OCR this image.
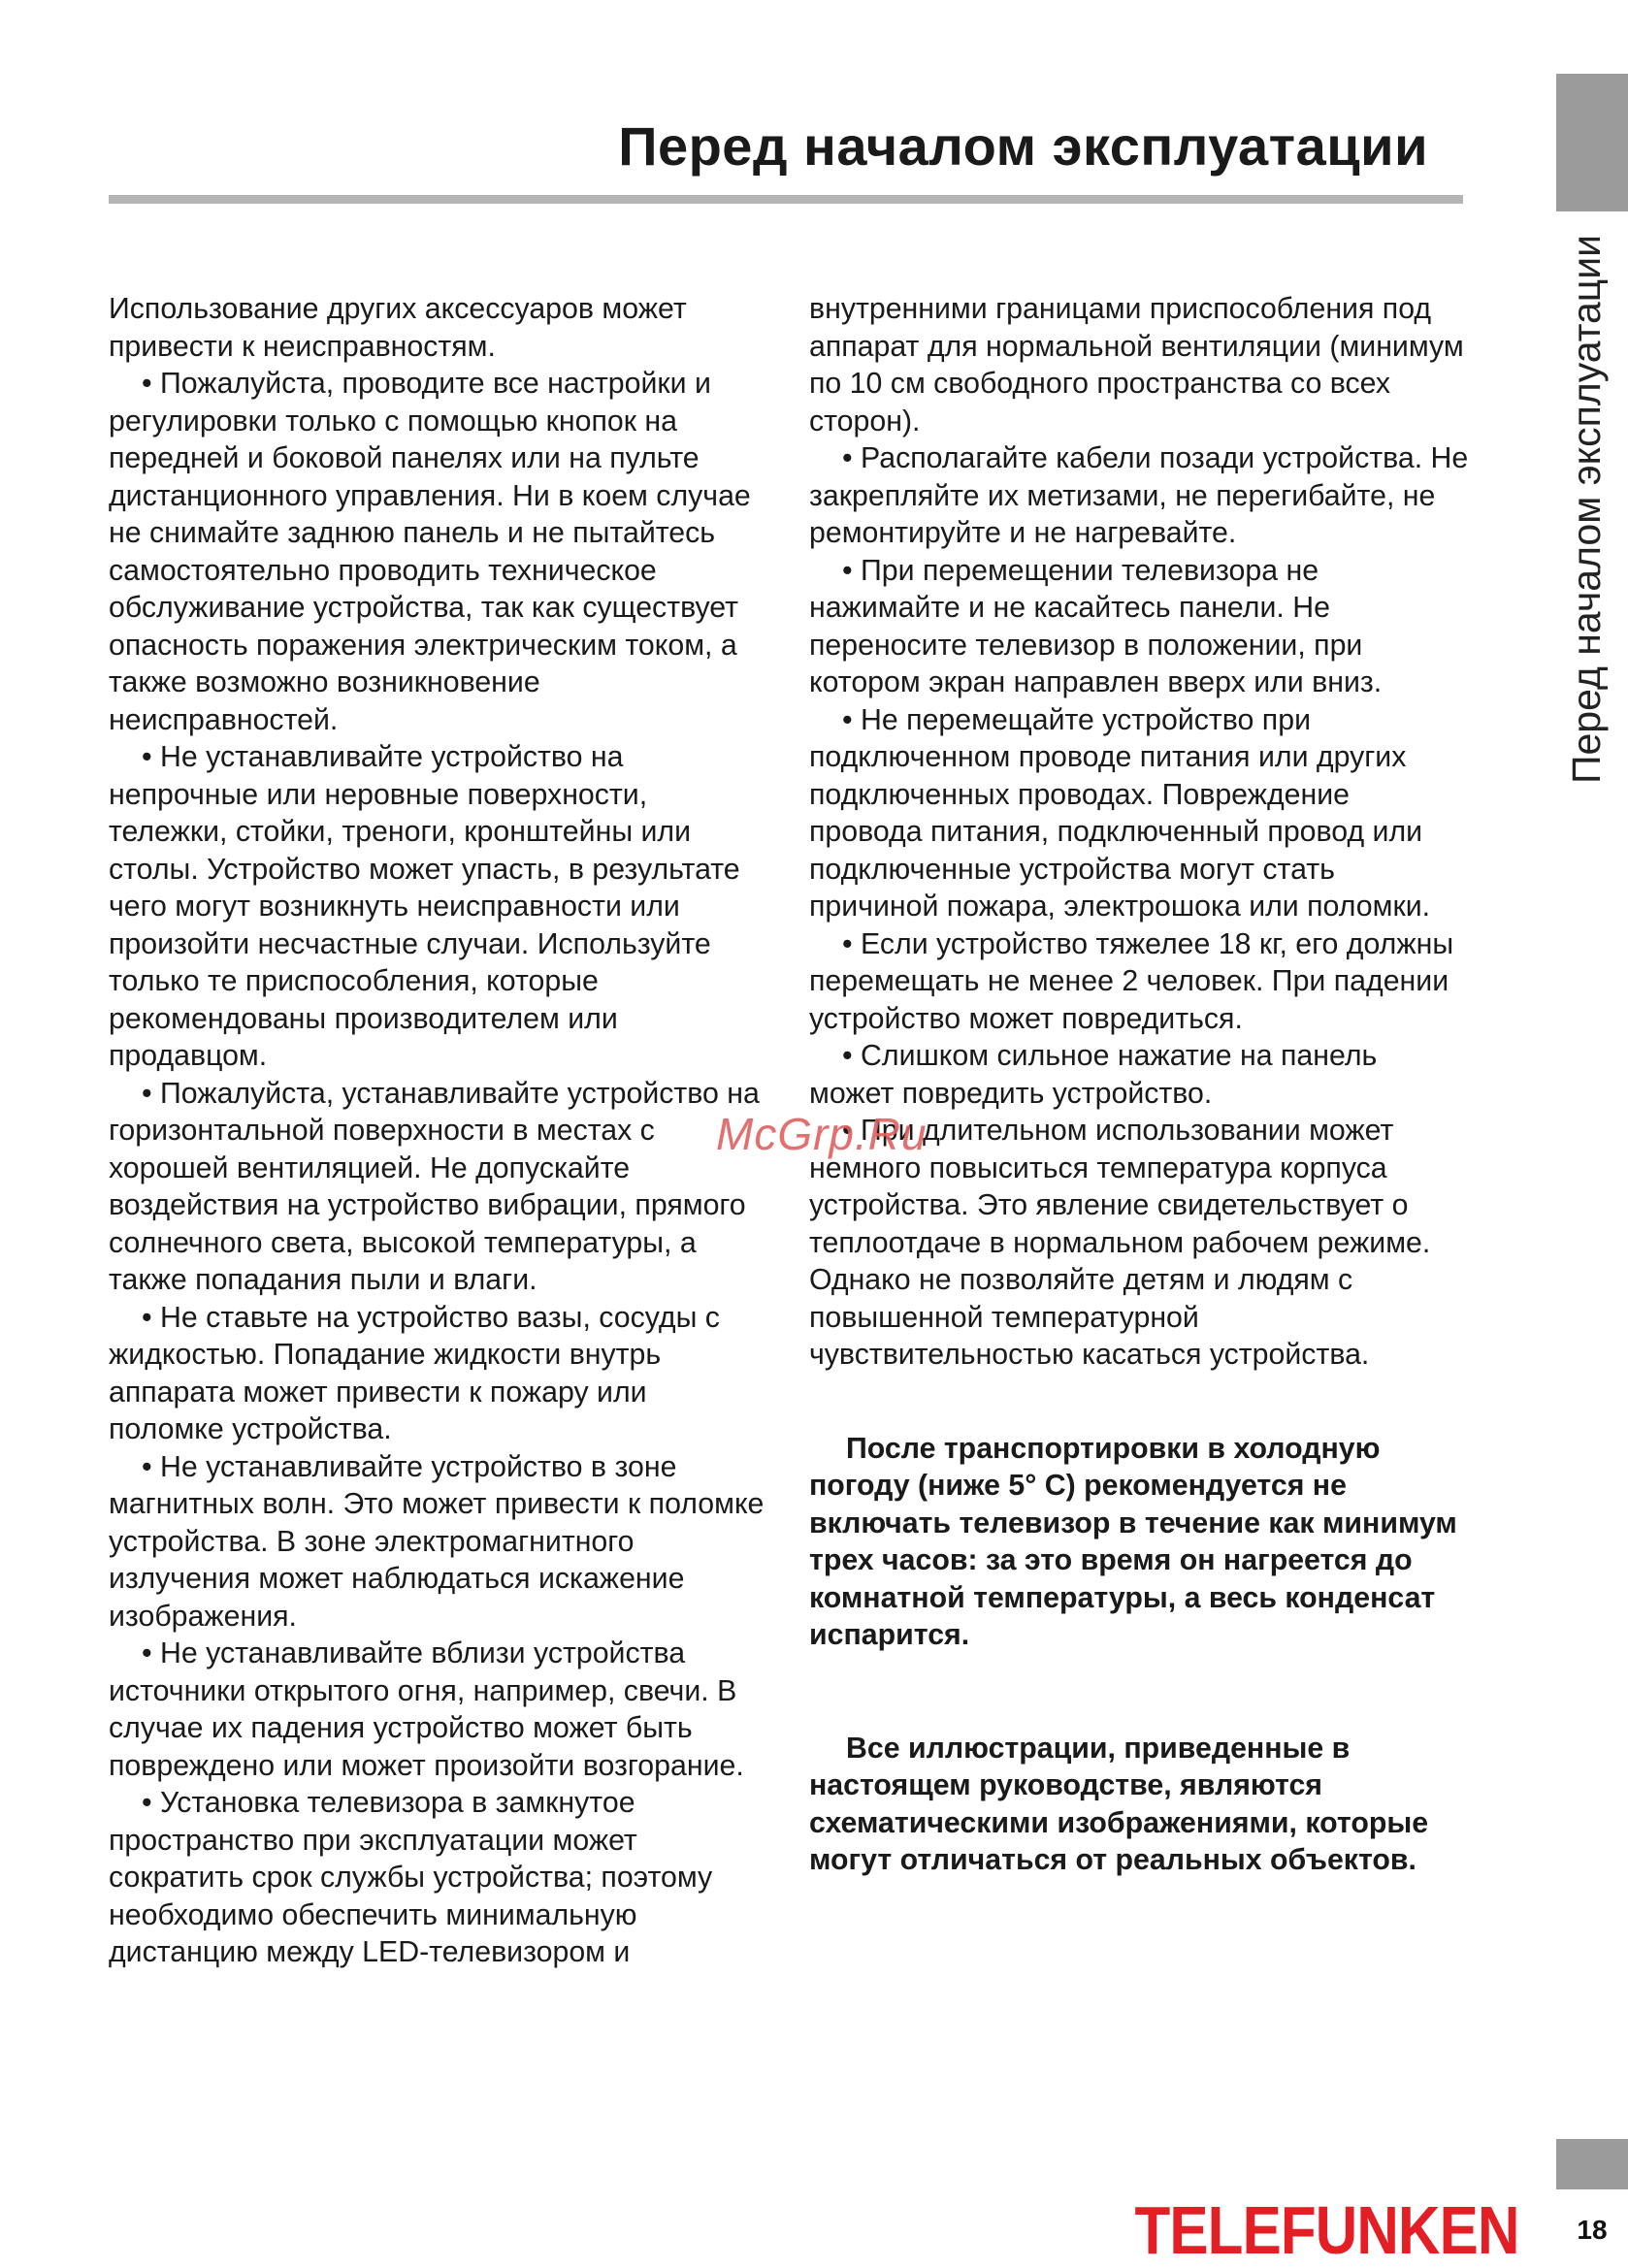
Перед началом эксплуатации
Перед началом эксплуатации

Использование других аксессуаров может привести к неисправностям.

• Пожалуйста, проводите все настройки и регулировки только с помощью кнопок на передней и боковой панелях или на пульте дистанционного управления. Ни в коем случае не снимайте заднюю панель и не пытайтесь самостоятельно проводить техническое обслуживание устройства, так как существует опасность поражения электрическим током, а также возможно возникновение неисправностей.

• Не устанавливайте устройство на непрочные или неровные поверхности, тележки, стойки, треноги, кронштейны или столы. Устройство может упасть, в результате чего могут возникнуть неисправности или произойти несчастные случаи. Используйте только те приспособления, которые рекомендованы производителем или продавцом.

• Пожалуйста, устанавливайте устройство на горизонтальной поверхности в местах с хорошей вентиляцией. Не допускайте воздействия на устройство вибрации, прямого солнечного света, высокой температуры, а также попадания пыли и влаги.

• Не ставьте на устройство вазы, сосуды с жидкостью. Попадание жидкости внутрь аппарата может привести к пожару или поломке устройства.

• Не устанавливайте устройство в зоне магнитных волн. Это может привести к поломке устройства. В зоне электромагнитного излучения может наблюдаться искажение изображения.

• Не устанавливайте вблизи устройства источники открытого огня, например, свечи. В случае их падения устройство может быть повреждено или может произойти возгорание.

• Установка телевизора в замкнутое пространство при эксплуатации может сократить срок службы устройства; поэтому необходимо обеспечить минимальную дистанцию между LED-телевизором и

внутренними границами приспособления под аппарат для нормальной вентиляции (минимум по 10 см свободного пространства со всех сторон).

• Располагайте кабели позади устройства. Не закрепляйте их метизами, не перегибайте, не ремонтируйте и не нагревайте.

• При перемещении телевизора не нажимайте и не касайтесь панели. Не переносите телевизор в положении, при котором экран направлен вверх или вниз.

• Не перемещайте устройство при подключенном проводе питания или других подключенных проводах. Повреждение провода питания, подключенный провод или подключенные устройства могут стать причиной пожара, электрошока или поломки.

• Если устройство тяжелее 18 кг, его должны перемещать не менее 2 человек. При падении устройство может повредиться.

• Слишком сильное нажатие на панель может повредить устройство.

• При длительном использовании может немного повыситься температура корпуса устройства. Это явление свидетельствует о теплоотдаче в нормальном рабочем режиме. Однако не позволяйте детям и людям с повышенной температурной чувствительностью касаться устройства.

После транспортировки в холодную погоду (ниже 5° C) рекомендуется не включать телевизор в течение как минимум трех часов: за это время он нагреется до комнатной температуры, а весь конденсат испарится.

Все иллюстрации, приведенные в настоящем руководстве, являются схематическими изображениями, которые могут отличаться от реальных объектов.

McGrp.Ru
TELEFUNKEN	18
